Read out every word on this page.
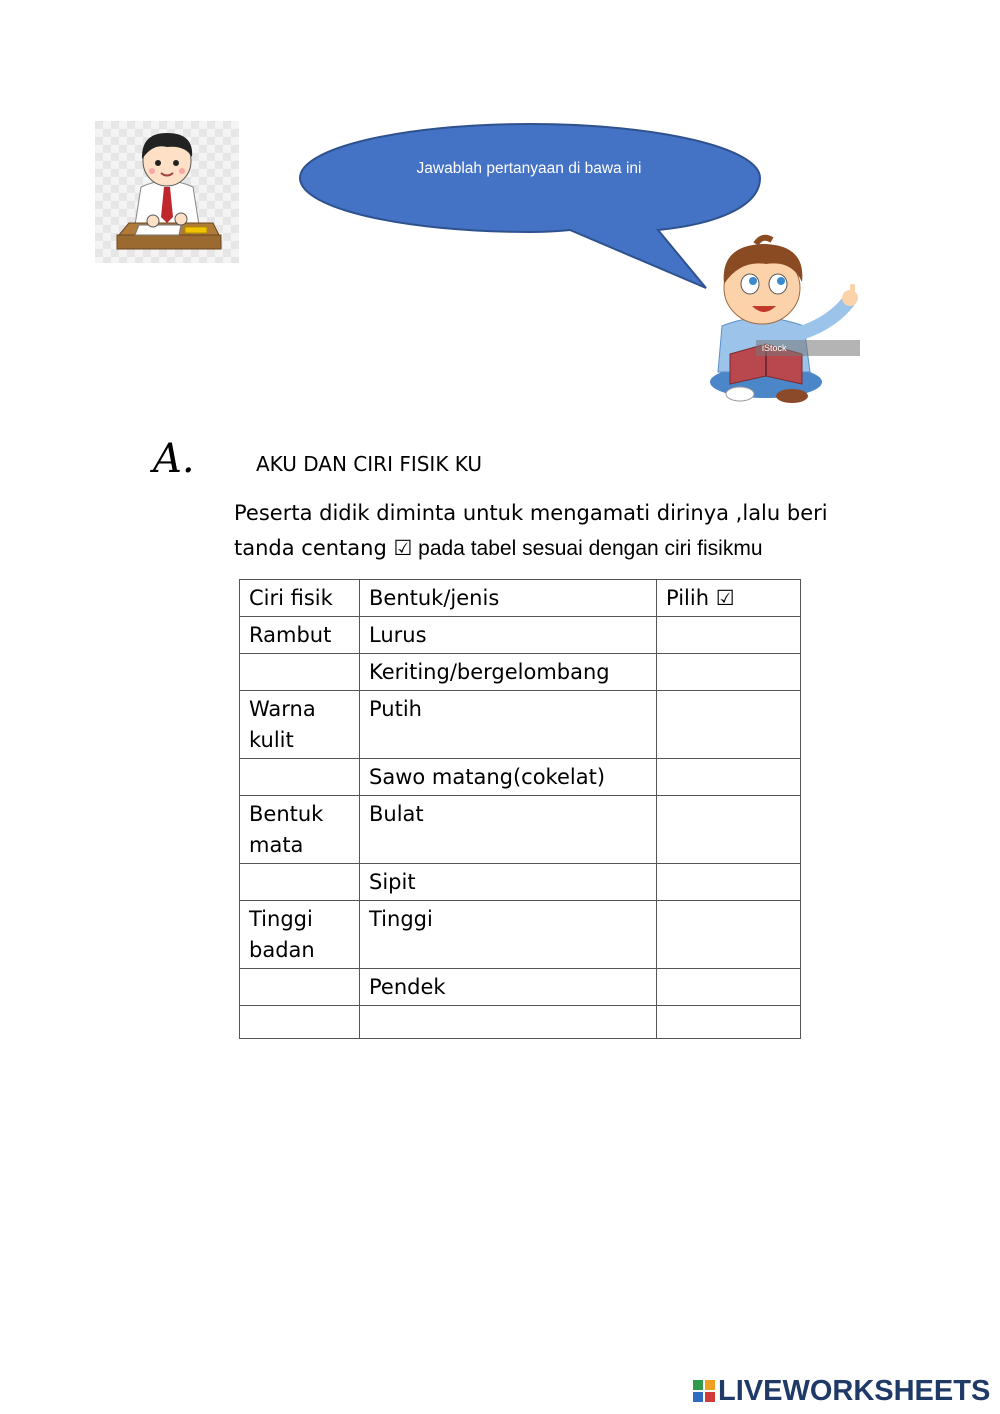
Jawablah pertanyaan di bawa ini
iStock
A.	AKU DAN CIRI FISIK KU
Peserta didik diminta untuk mengamati dirinya ,lalu beri tanda centang ☑ pada tabel sesuai dengan ciri fisikmu
Ciri fisik	Bentuk/jenis	Pilih ☑
Rambut	Lurus	
	Keriting/bergelombang	
Warna kulit	Putih	
	Sawo matang(cokelat)	
Bentuk mata	Bulat	
	Sipit	
Tinggi badan	Tinggi	
	Pendek	

LIVEWORKSHEETS
